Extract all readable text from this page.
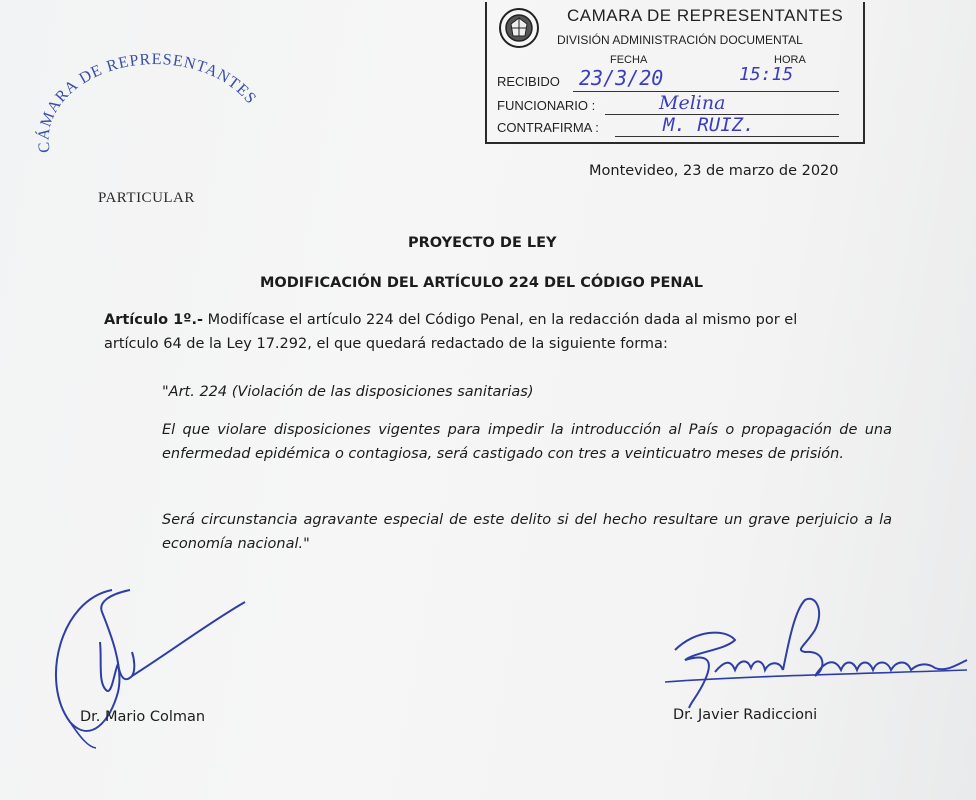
CAMARA DE REPRESENTANTES
DIVISIÓN ADMINISTRACIÓN DOCUMENTAL
FECHA	HORA
RECIBIDO 23/3/20	15:15
FUNCIONARIO :	Melina
CONTRAFIRMA :	M. RUIZ.
CÁMARA DE REPRESENTANTES
PARTICULAR
Montevideo, 23 de marzo de 2020
PROYECTO DE LEY
MODIFICACIÓN DEL ARTÍCULO 224 DEL CÓDIGO PENAL
Artículo 1º.- Modifícase el artículo 224 del Código Penal, en la redacción dada al mismo por el
artículo 64 de la Ley 17.292, el que quedará redactado de la siguiente forma:
"Art. 224 (Violación de las disposiciones sanitarias)
El que violare disposiciones vigentes para impedir la introducción al País o propagación de una enfermedad epidémica o contagiosa, será castigado con tres a veinticuatro meses de prisión.
Será circunstancia agravante especial de este delito si del hecho resultare un grave perjuicio a la economía nacional."
Dr. Mario Colman	Dr. Javier Radiccioni
